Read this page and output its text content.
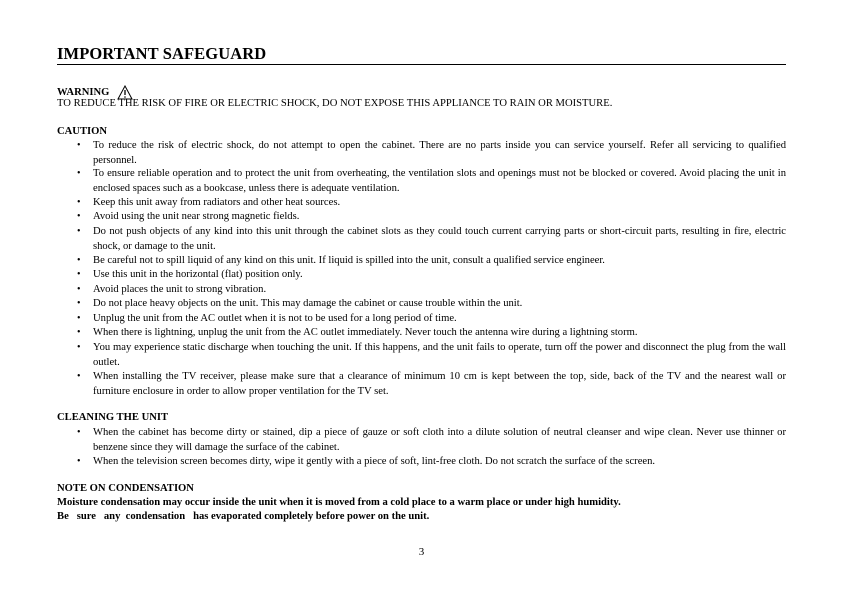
IMPORTANT SAFEGUARD
WARNING
TO REDUCE THE RISK OF FIRE OR ELECTRIC SHOCK, DO NOT EXPOSE THIS APPLIANCE TO RAIN OR MOISTURE.
CAUTION
• To reduce the risk of electric shock, do not attempt to open the cabinet. There are no parts inside you can service yourself. Refer all servicing to qualified personnel.
• To ensure reliable operation and to protect the unit from overheating, the ventilation slots and openings must not be blocked or covered. Avoid placing the unit in enclosed spaces such as a bookcase, unless there is adequate ventilation.
• Keep this unit away from radiators and other heat sources.
• Avoid using the unit near strong magnetic fields.
• Do not push objects of any kind into this unit through the cabinet slots as they could touch current carrying parts or short-circuit parts, resulting in fire, electric shock, or damage to the unit.
• Be careful not to spill liquid of any kind on this unit. If liquid is spilled into the unit, consult a qualified service engineer.
• Use this unit in the horizontal (flat) position only.
• Avoid places the unit to strong vibration.
• Do not place heavy objects on the unit. This may damage the cabinet or cause trouble within the unit.
• Unplug the unit from the AC outlet when it is not to be used for a long period of time.
• When there is lightning, unplug the unit from the AC outlet immediately. Never touch the antenna wire during a lightning storm.
• You may experience static discharge when touching the unit. If this happens, and the unit fails to operate, turn off the power and disconnect the plug from the wall outlet.
• When installing the TV receiver, please make sure that a clearance of minimum 10 cm is kept between the top, side, back of the TV and the nearest wall or furniture enclosure in order to allow proper ventilation for the TV set.
CLEANING THE UNIT
• When the cabinet has become dirty or stained, dip a piece of gauze or soft cloth into a dilute solution of neutral cleanser and wipe clean. Never use thinner or benzene since they will damage the surface of the cabinet.
• When the television screen becomes dirty, wipe it gently with a piece of soft, lint-free cloth. Do not scratch the surface of the screen.
NOTE ON CONDENSATION
Moisture condensation may occur inside the unit when it is moved from a cold place to a warm place or under high humidity.
Be   sure   any  condensation   has evaporated completely before power on the unit.
3
